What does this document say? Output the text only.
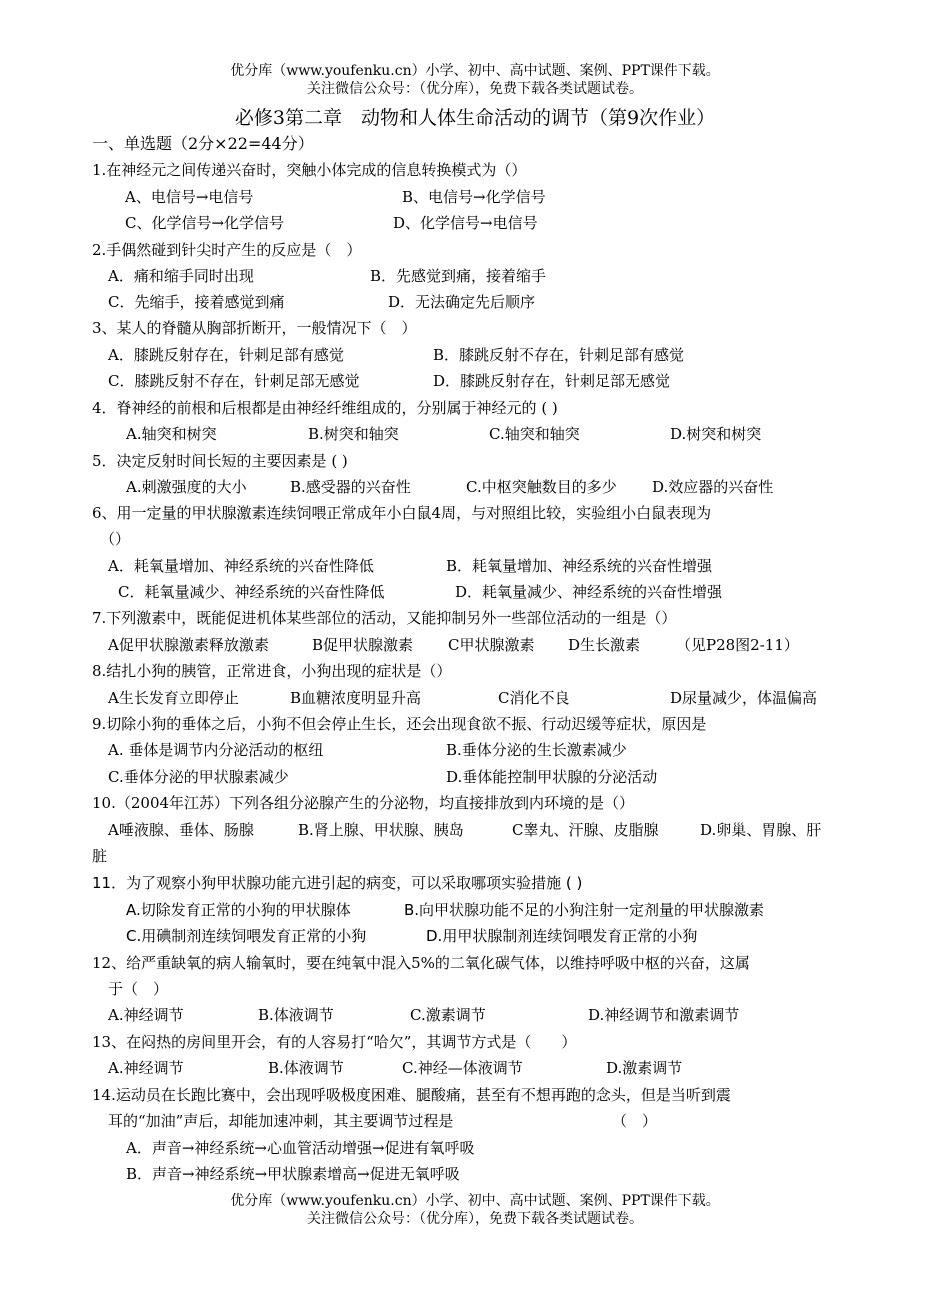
优分库（www.youfenku.cn）小学、初中、高中试题、案例、PPT课件下载。
关注微信公众号：（优分库），免费下载各类试题试卷。
必修3第二章　动物和人体生命活动的调节（第9次作业）
一、单选题（2分×22=44分）
1.在神经元之间传递兴奋时，突触小体完成的信息转换模式为（）
A、电信号→电信号	B、电信号→化学信号
C、化学信号→化学信号	D、化学信号→电信号
2.手偶然碰到针尖时产生的反应是（　）
A．痛和缩手同时出现	B．先感觉到痛，接着缩手
C．先缩手，接着感觉到痛	D．无法确定先后顺序
3、某人的脊髓从胸部折断开，一般情况下（　）
A．膝跳反射存在，针刺足部有感觉	B．膝跳反射不存在，针刺足部有感觉
C．膝跳反射不存在，针刺足部无感觉	D．膝跳反射存在，针刺足部无感觉
4．脊神经的前根和后根都是由神经纤维组成的，分别属于神经元的 ( )
A.轴突和树突	B.树突和轴突	C.轴突和轴突	D.树突和树突
5．决定反射时间长短的主要因素是 ( )
A.刺激强度的大小	B.感受器的兴奋性	C.中枢突触数目的多少 D.效应器的兴奋性
6、用一定量的甲状腺激素连续饲喂正常成年小白鼠4周，与对照组比较，实验组小白鼠表现为
（）
A．耗氧量增加、神经系统的兴奋性降低	B．耗氧量增加、神经系统的兴奋性增强
C．耗氧量减少、神经系统的兴奋性降低	D．耗氧量减少、神经系统的兴奋性增强
7.下列激素中，既能促进机体某些部位的活动，又能抑制另外一些部位活动的一组是（）
A促甲状腺激素释放激素	B促甲状腺激素 C甲状腺激素 D生长激素 （见P28图2-11）
8.结扎小狗的胰管，正常进食，小狗出现的症状是（）
A生长发育立即停止	B血糖浓度明显升高	C消化不良	D尿量减少，体温偏高
9.切除小狗的垂体之后，小狗不但会停止生长，还会出现食欲不振、行动迟缓等症状，原因是
A. 垂体是调节内分泌活动的枢纽	B.垂体分泌的生长激素减少
C.垂体分泌的甲状腺素减少	D.垂体能控制甲状腺的分泌活动
10.（2004年江苏）下列各组分泌腺产生的分泌物，均直接排放到内环境的是（）
A唾液腺、垂体、肠腺	B.肾上腺、甲状腺、胰岛	C睾丸、汗腺、皮脂腺	D.卵巢、胃腺、肝
脏
11．为了观察小狗甲状腺功能亢进引起的病变，可以采取哪项实验措施 ( )
A.切除发育正常的小狗的甲状腺体	B.向甲状腺功能不足的小狗注射一定剂量的甲状腺激素
C.用碘制剂连续饲喂发育正常的小狗	D.用甲状腺制剂连续饲喂发育正常的小狗
12、给严重缺氧的病人输氧时，要在纯氧中混入5%的二氧化碳气体，以维持呼吸中枢的兴奋，这属
于（　）
A.神经调节	B.体液调节	C.激素调节	D.神经调节和激素调节
13、在闷热的房间里开会，有的人容易打“哈欠”，其调节方式是（　　）
A.神经调节	B.体液调节	C.神经—体液调节	D.激素调节
14.运动员在长跑比赛中，会出现呼吸极度困难、腿酸痛，甚至有不想再跑的念头，但是当听到震
耳的“加油”声后，却能加速冲刺，其主要调节过程是	（　）
A．声音→神经系统→心血管活动增强→促进有氧呼吸
B．声音→神经系统→甲状腺素增高→促进无氧呼吸
优分库（www.youfenku.cn）小学、初中、高中试题、案例、PPT课件下载。
关注微信公众号：（优分库），免费下载各类试题试卷。
